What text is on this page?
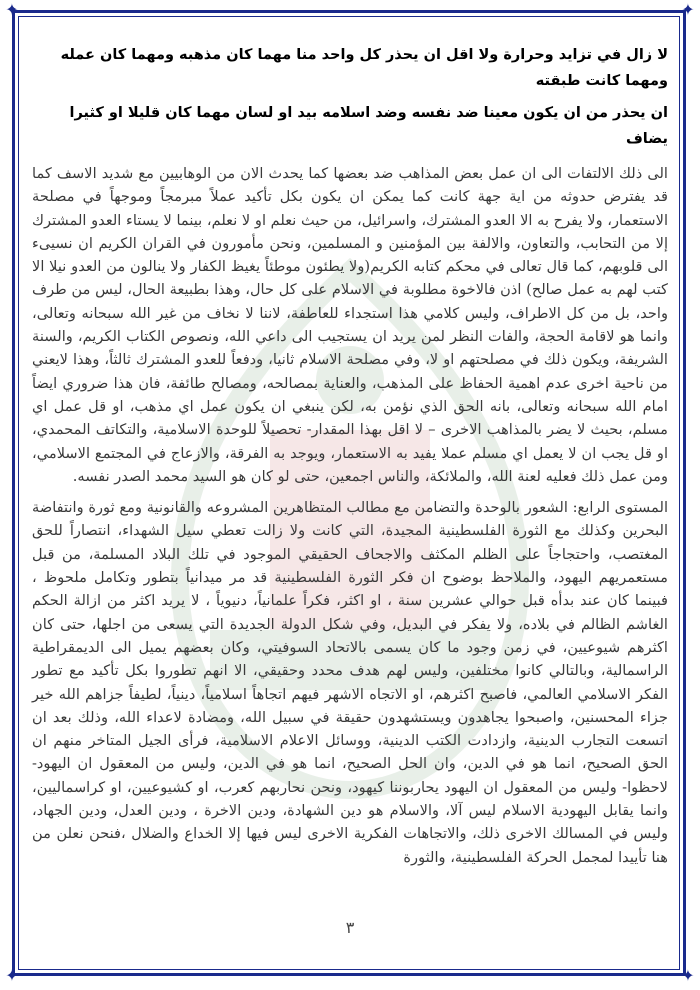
✦	✦
✦	✦

لا زال في تزايد وحرارة ولا اقل ان يحذر كل واحد منا مهما كان مذهبه ومهما كان عمله ومهما كانت طبقته

ان يحذر من ان يكون معينا ضد نفسه وضد اسلامه بيد او لسان مهما كان قليلا او كثيرا يضاف

الى ذلك الالتفات الى ان عمل بعض المذاهب ضد بعضها كما يحدث الان من الوهابيين مع شديد الاسف كما قد يفترض حدوثه من اية جهة كانت كما يمكن ان يكون بكل تأكيد عملاً مبرمجاً وموجهاً في مصلحة الاستعمار، ولا يفرح به الا العدو المشترك، واسرائيل، من حيث نعلم او لا نعلم، بينما لا يستاء العدو المشترك إلا من التحابب، والتعاون، والالفة بين المؤمنين و المسلمين، ونحن مأمورون في القران الكريم ان نسيىء الى قلوبهم، كما قال تعالى في محكم كتابه الكريم(ولا يطئون موطئاً يغيظ الكفار ولا ينالون من العدو نيلا الا كتب لهم به عمل صالح) اذن فالاخوة مطلوبة في الاسلام على كل حال، وهذا بطبيعة الحال، ليس من طرف واحد، بل من كل الاطراف، وليس كلامي هذا استجداء للعاطفة، لاننا لا نخاف من غير الله سبحانه وتعالى، وانما هو لاقامة الحجة، والفات النظر لمن يريد ان يستجيب الى داعي الله، ونصوص الكتاب الكريم، والسنة الشريفة، ويكون ذلك في مصلحتهم او لا، وفي مصلحة الاسلام ثانيا، ودفعاً للعدو المشترك ثالثاً، وهذا لايعني من ناحية اخرى عدم اهمية الحفاظ على المذهب، والعناية بمصالحه، ومصالح طائفة، فان هذا ضروري ايضاً امام الله سبحانه وتعالى، بانه الحق الذي نؤمن به، لكن ينبغي ان يكون عمل اي مذهب، او قل عمل اي مسلم، بحيث لا يضر بالمذاهب الاخرى – لا اقل بهذا المقدار- تحصيلاً للوحدة الاسلامية، والتكاتف المحمدي، او قل يجب ان لا يعمل اي مسلم عملا يفيد به الاستعمار، ويوجد به الفرقة، والازعاج في المجتمع الاسلامي، ومن عمل ذلك فعليه لعنة الله، والملائكة، والناس اجمعين، حتى لو كان هو السيد محمد الصدر نفسه.

المستوى الرابع: الشعور بالوحدة والتضامن مع مطالب المتظاهرين المشروعه والقانونية ومع ثورة وانتفاضة البحرين وكذلك مع الثورة الفلسطينية المجيدة، التي كانت ولا زالت تعطي سيل الشهداء، انتصاراً للحق المغتصب، واحتجاجاً على الظلم المكثف والاجحاف الحقيقي الموجود في تلك البلاد المسلمة، من قبل مستعمريهم اليهود، والملاحظ بوضوح ان فكر الثورة الفلسطينية قد مر ميدانياً بتطور وتكامل ملحوظ ، فبينما كان عند بدأه قبل حوالي عشرين سنة ، او اكثر، فكراً علمانياً، دنيوياً ، لا يريد اكثر من ازالة الحكم الغاشم الظالم في بلاده، ولا يفكر في البديل، وفي شكل الدولة الجديدة التي يسعى من اجلها، حتى كان اكثرهم شيوعيين، في زمن وجود ما كان يسمى بالاتحاد السوفيتي، وكان بعضهم يميل الى الديمقراطية الراسمالية، وبالتالي كانوا مختلفين، وليس لهم هدف محدد وحقيقي، الا انهم تطوروا بكل تأكيد مع تطور الفكر الاسلامي العالمي، فاصبح اكثرهم، او الاتجاه الاشهر فيهم اتجاهاً اسلامياً، دينياً، لطيفاً جزاهم الله خير جزاء المحسنين، واصبحوا يجاهدون ويستشهدون حقيقة في سبيل الله، ومضادة لاعداء الله، وذلك بعد ان اتسعت التجارب الدينية، وازدادت الكتب الدينية، ووسائل الاعلام الاسلامية، فرأى الجيل المتاخر منهم ان الحق الصحيح، انما هو في الدين، وان الحل الصحيح، انما هو في الدين، وليس من المعقول ان اليهود- لاحظوا- وليس من المعقول ان اليهود يحاربوننا كيهود، ونحن نحاربهم كعرب، او كشيوعيين، او كراسماليين، وانما يقابل اليهودية الاسلام ليس آلا، والاسلام هو دين الشهادة، ودين الاخرة ، ودين العدل، ودين الجهاد، وليس في المسالك الاخرى ذلك، والاتجاهات الفكرية الاخرى ليس فيها إلا الخداع والضلال ،فنحن نعلن من هنا تأييدا لمجمل الحركة الفلسطينية، والثورة

٣
